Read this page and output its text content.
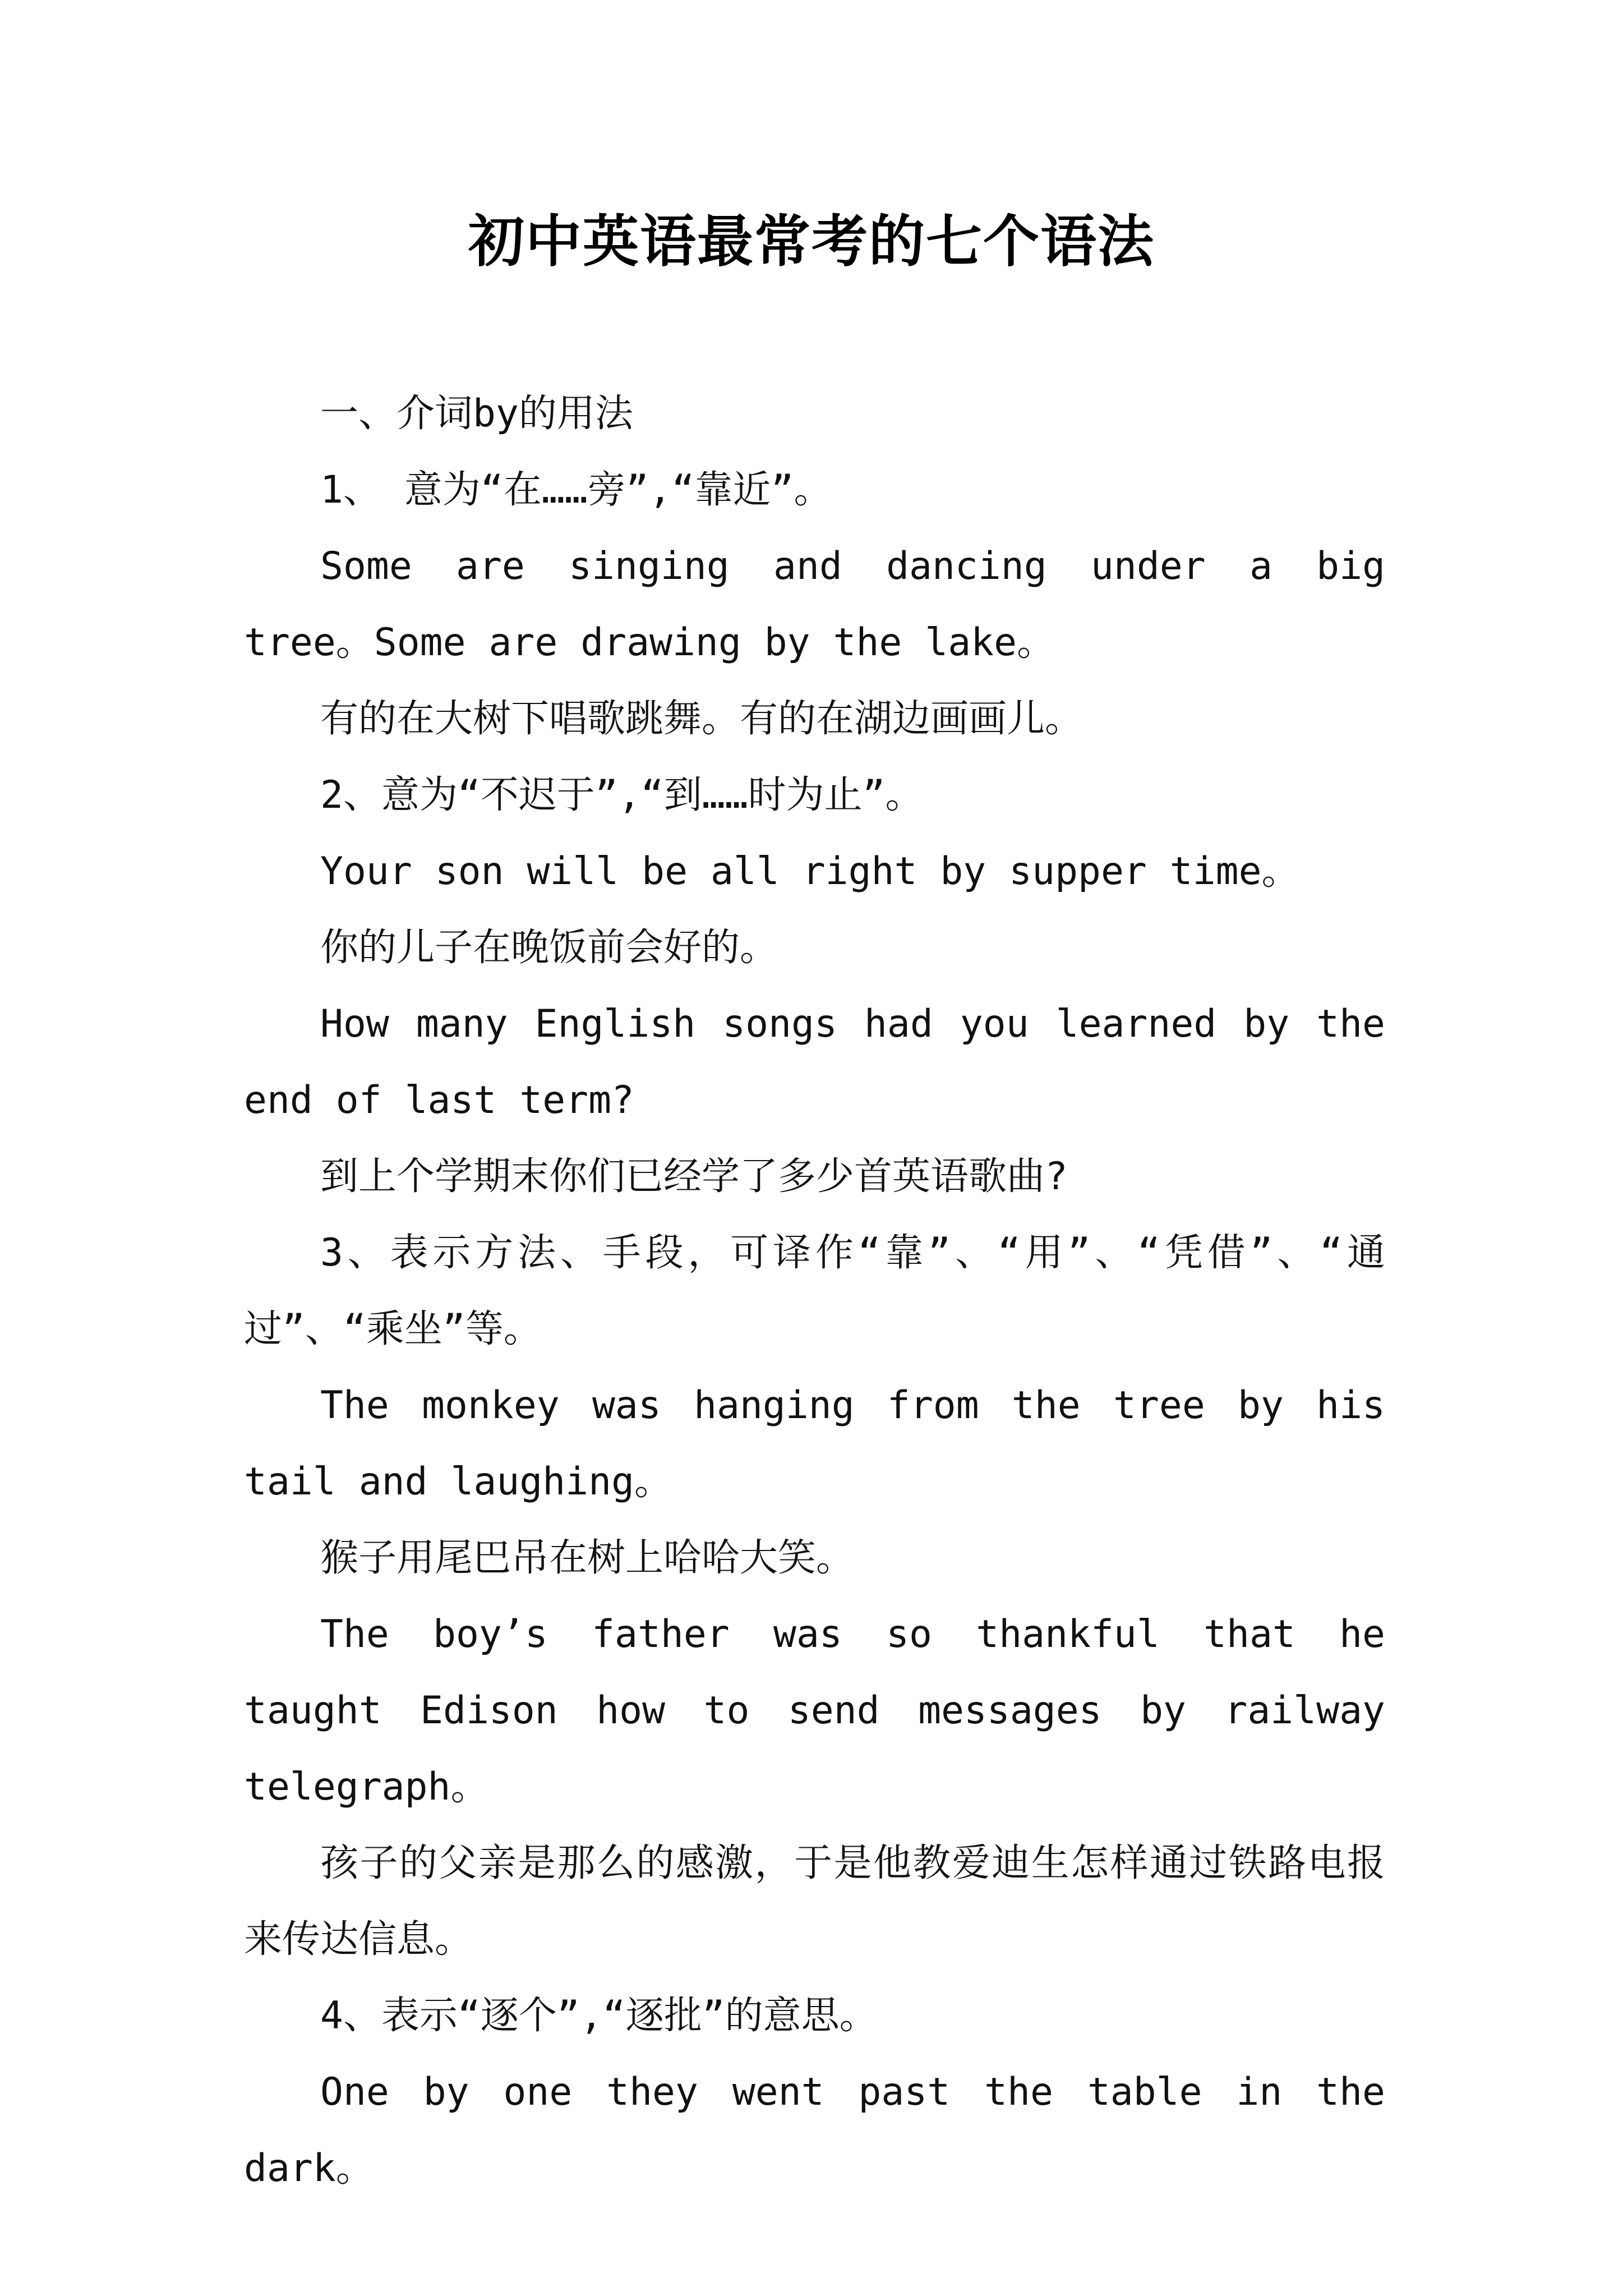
初中英语最常考的七个语法

一、介词by的用法

1、 意为“在……旁”,“靠近”。

Some are singing and dancing under a big tree。Some are drawing by the lake。

有的在大树下唱歌跳舞。有的在湖边画画儿。

2、意为“不迟于”,“到……时为止”。

Your son will be all right by supper time。

你的儿子在晚饭前会好的。

How many English songs had you learned by the end of last term?

到上个学期末你们已经学了多少首英语歌曲?

3、表示方法、手段，可译作“靠”、“用”、“凭借”、“通过”、“乘坐”等。

The monkey was hanging from the tree by his tail and laughing。

猴子用尾巴吊在树上哈哈大笑。

The boy’s father was so thankful that he taught Edison how to send messages by railway telegraph。

孩子的父亲是那么的感激，于是他教爱迪生怎样通过铁路电报来传达信息。

4、表示“逐个”,“逐批”的意思。

One by one they went past the table in the dark。
